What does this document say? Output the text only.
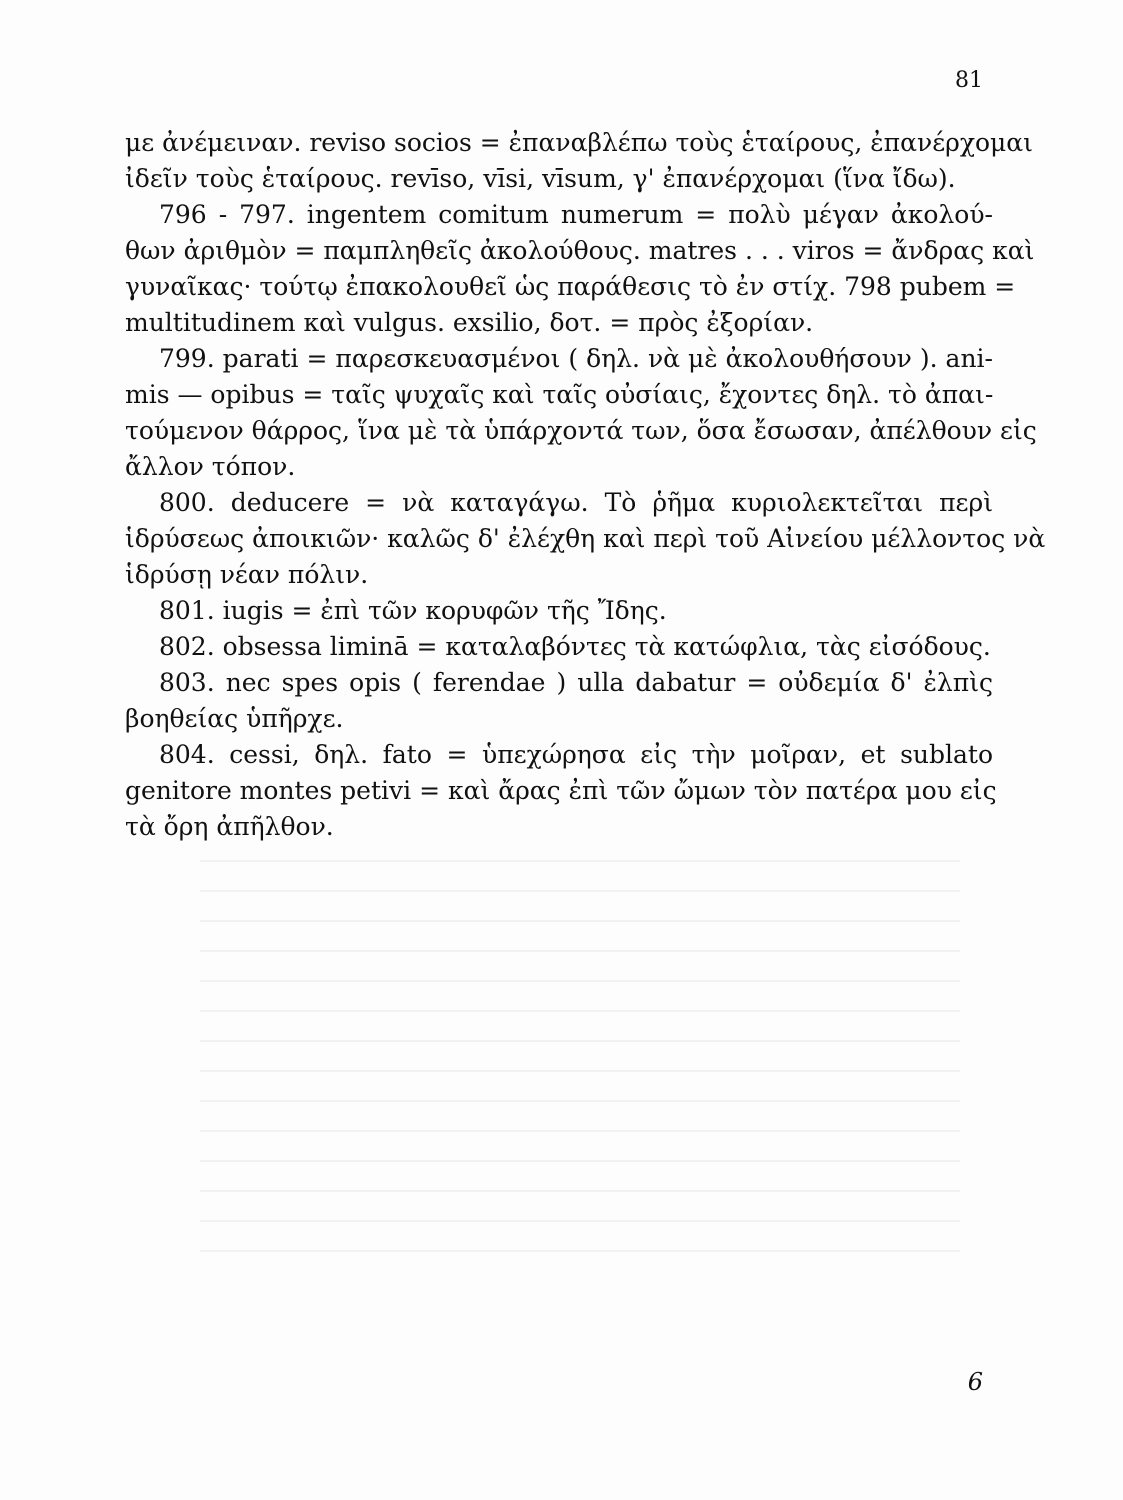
81
με ἀνέμειναν. reviso socios = ἐπαναβλέπω τοὺς ἑταίρους, ἐπανέρχομαι
ἰδεῖν τοὺς ἑταίρους. revīso, vīsi, vīsum, γ' ἐπανέρχομαι (ἵνα ἴδω).
796 - 797. ingentem comitum numerum = πολὺ μέγαν ἀκολού-
θων ἀριθμὸν = παμπληθεῖς ἀκολούθους. matres . . . viros = ἄνδρας καὶ
γυναῖκας· τούτῳ ἐπακολουθεῖ ὡς παράθεσις τὸ ἐν στίχ. 798 pubem =
multitudinem καὶ vulgus. exsilio, δοτ. = πρὸς ἐξορίαν.
799. parati = παρεσκευασμένοι ( δηλ. νὰ μὲ ἀκολουθήσουν ). ani-
mis — opibus = ταῖς ψυχαῖς καὶ ταῖς οὐσίαις, ἔχοντες δηλ. τὸ ἀπαι-
τούμενον θάρρος, ἵνα μὲ τὰ ὑπάρχοντά των, ὅσα ἔσωσαν, ἀπέλθουν εἰς
ἄλλον τόπον.
800. deducere = νὰ καταγάγω. Τὸ ῥῆμα κυριολεκτεῖται περὶ
ἱδρύσεως ἀποικιῶν· καλῶς δ' ἐλέχθη καὶ περὶ τοῦ Αἰνείου μέλλοντος νὰ
ἱδρύσῃ νέαν πόλιν.
801. iugis = ἐπὶ τῶν κορυφῶν τῆς Ἴδης.
802. obsessa liminā = καταλαβόντες τὰ κατώφλια, τὰς εἰσόδους.
803. nec spes opis ( ferendae ) ulla dabatur = οὐδεμία δ' ἐλπὶς
βοηθείας ὑπῆρχε.
804. cessi, δηλ. fato = ὑπεχώρησα εἰς τὴν μοῖραν, et sublato
genitore montes petivi = καὶ ἄρας ἐπὶ τῶν ὤμων τὸν πατέρα μου εἰς
τὰ ὄρη ἀπῆλθον.
6
